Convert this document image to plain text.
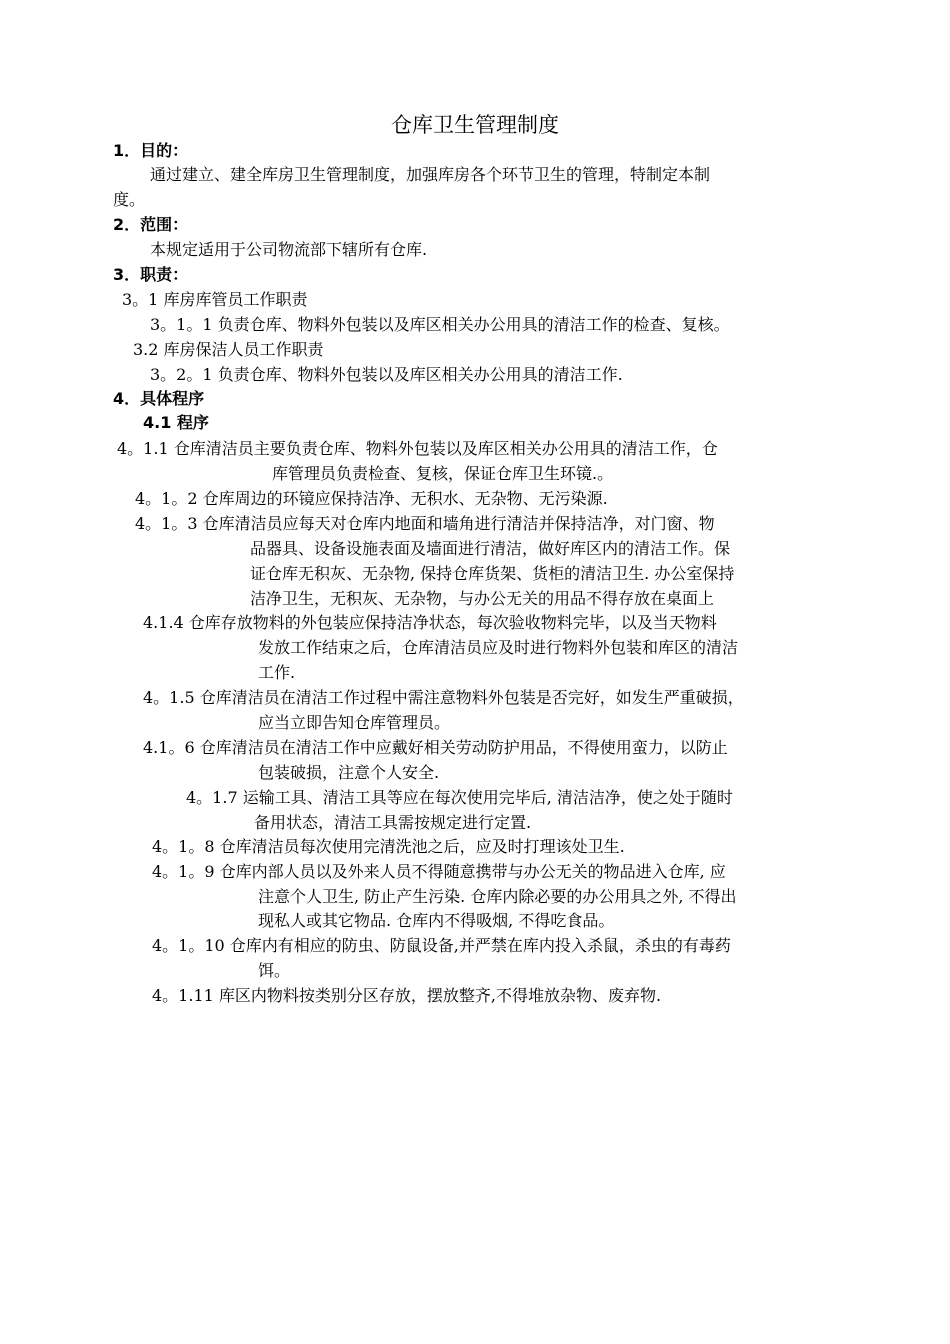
仓库卫生管理制度
1．目的：
通过建立、建全库房卫生管理制度，加强库房各个环节卫生的管理，特制定本制
度。
2．范围：
本规定适用于公司物流部下辖所有仓库.
3．职责：
3。1 库房库管员工作职责
3。1。1 负责仓库、物料外包装以及库区相关办公用具的清洁工作的检查、复核。
3.2 库房保洁人员工作职责
3。2。1 负责仓库、物料外包装以及库区相关办公用具的清洁工作.
4．具体程序
4.1 程序
4。1.1 仓库清洁员主要负责仓库、物料外包装以及库区相关办公用具的清洁工作，仓
库管理员负责检查、复核，保证仓库卫生环镜.。
4。1。2 仓库周边的环镜应保持洁净、无积水、无杂物、无污染源.
4。1。3 仓库清洁员应每天对仓库内地面和墙角进行清洁并保持洁净，对门窗、物
品器具、设备设施表面及墙面进行清洁，做好库区内的清洁工作。保
证仓库无积灰、无杂物, 保持仓库货架、货柜的清洁卫生. 办公室保持
洁净卫生，无积灰、无杂物，与办公无关的用品不得存放在桌面上
4.1.4 仓库存放物料的外包装应保持洁净状态，每次验收物料完毕，以及当天物料
发放工作结束之后，仓库清洁员应及时进行物料外包装和库区的清洁
工作.
4。1.5 仓库清洁员在清洁工作过程中需注意物料外包装是否完好，如发生严重破损，
应当立即告知仓库管理员。
4.1。6 仓库清洁员在清洁工作中应戴好相关劳动防护用品，不得使用蛮力，以防止
包装破损，注意个人安全.
4。1.7 运输工具、清洁工具等应在每次使用完毕后, 清洁洁净，使之处于随时
备用状态，清洁工具需按规定进行定置.
4。1。8 仓库清洁员每次使用完清洗池之后，应及时打理该处卫生.
4。1。9 仓库内部人员以及外来人员不得随意携带与办公无关的物品进入仓库, 应
注意个人卫生, 防止产生污染. 仓库内除必要的办公用具之外, 不得出
现私人或其它物品. 仓库内不得吸烟, 不得吃食品。
4。1。10 仓库内有相应的防虫、防鼠设备,并严禁在库内投入杀鼠，杀虫的有毒药
饵。
4。1.11 库区内物料按类别分区存放，摆放整齐,不得堆放杂物、废弃物.
